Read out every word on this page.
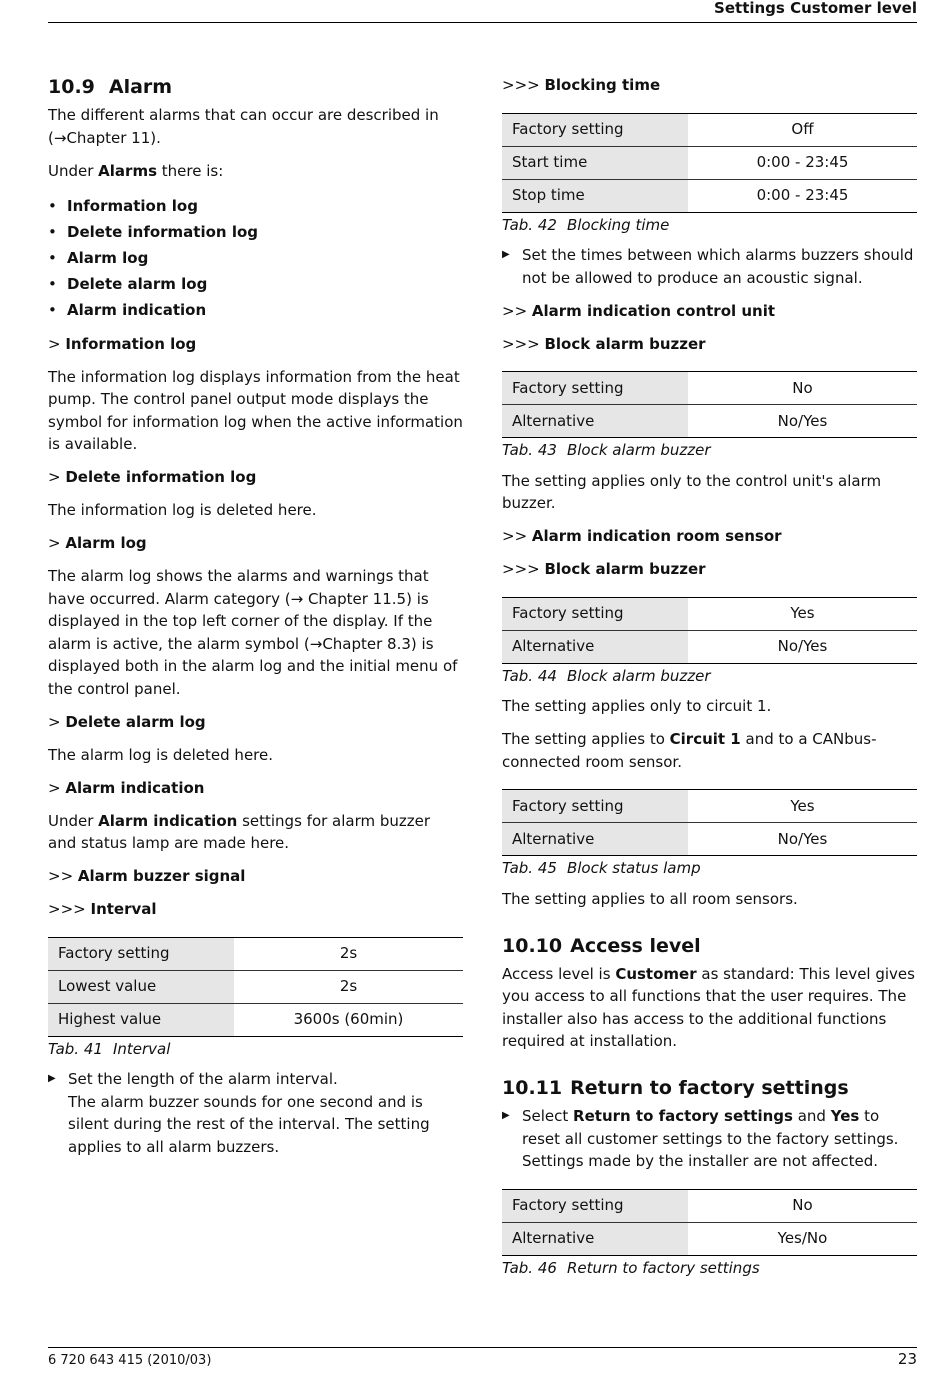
Settings Customer level
10.9 Alarm

The different alarms that can occur are described in (→Chapter 11).

Under Alarms there is:

• Information log
• Delete information log
• Alarm log
• Delete alarm log
• Alarm indication
> Information log

The information log displays information from the heat pump. The control panel output mode displays the symbol for information log when the active information is available.

> Delete information log

The information log is deleted here.

> Alarm log

The alarm log shows the alarms and warnings that have occurred. Alarm category (→ Chapter 11.5) is displayed in the top left corner of the display. If the alarm is active, the alarm symbol (→Chapter 8.3) is displayed both in the alarm log and the initial menu of the control panel.

> Delete alarm log

The alarm log is deleted here.

> Alarm indication

Under Alarm indication settings for alarm buzzer and status lamp are made here.

>> Alarm buzzer signal
>>> Interval
Factory setting	2s
Lowest value	2s
Highest value	3600s (60min)
Tab. 41 Interval
▶ Set the length of the alarm interval.
The alarm buzzer sounds for one second and is silent during the rest of the interval. The setting applies to all alarm buzzers.
>>> Blocking time
Factory setting	Off
Start time	0:00 - 23:45
Stop time	0:00 - 23:45
Tab. 42 Blocking time
▶ Set the times between which alarms buzzers should not be allowed to produce an acoustic signal.
>> Alarm indication control unit
>>> Block alarm buzzer
Factory setting	No
Alternative	No/Yes
Tab. 43 Block alarm buzzer

The setting applies only to the control unit's alarm buzzer.

>> Alarm indication room sensor
>>> Block alarm buzzer
Factory setting	Yes
Alternative	No/Yes
Tab. 44 Block alarm buzzer

The setting applies only to circuit 1.

The setting applies to Circuit 1 and to a CANbus-connected room sensor.

Factory setting	Yes
Alternative	No/Yes
Tab. 45 Block status lamp

The setting applies to all room sensors.

10.10 Access level

Access level is Customer as standard: This level gives you access to all functions that the user requires. The installer also has access to the additional functions required at installation.

10.11 Return to factory settings
▶ Select Return to factory settings and Yes to reset all customer settings to the factory settings. Settings made by the installer are not affected.
Factory setting	No
Alternative	Yes/No
Tab. 46 Return to factory settings
6 720 643 415 (2010/03)	23
